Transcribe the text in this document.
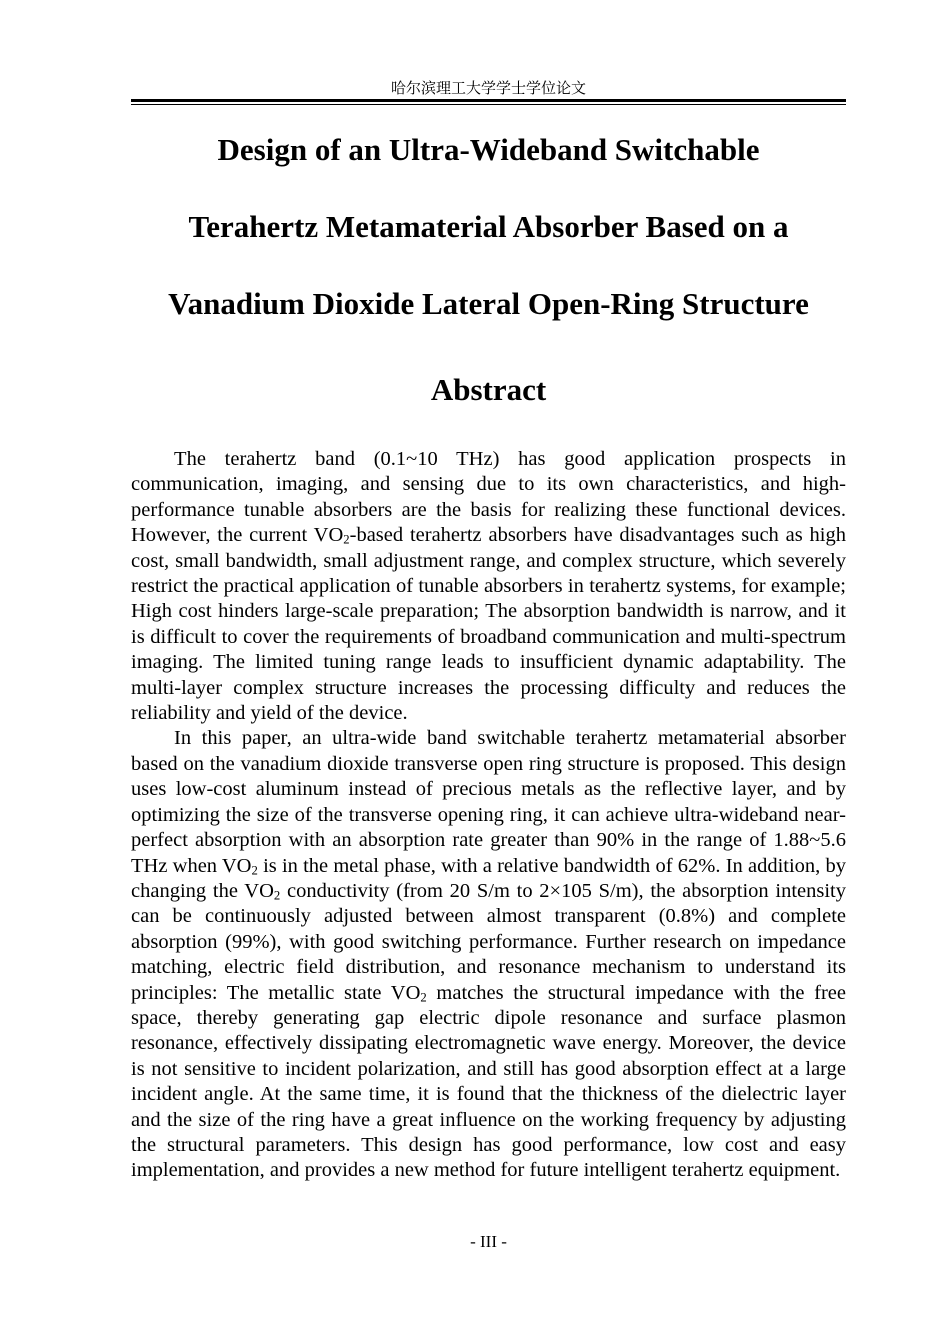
哈尔滨理工大学学士学位论文
Design of an Ultra-Wideband Switchable
Terahertz Metamaterial Absorber Based on a
Vanadium Dioxide Lateral Open-Ring Structure
Abstract

The terahertz band (0.1~10 THz) has good application prospects in communication, imaging, and sensing due to its own characteristics, and high-performance tunable absorbers are the basis for realizing these functional devices. However, the current $VO_2$-based terahertz absorbers have disadvantages such as high cost, small bandwidth, small adjustment range, and complex structure, which severely restrict the practical application of tunable absorbers in terahertz systems, for example; High cost hinders large-scale preparation; The absorption bandwidth is narrow, and it is difficult to cover the requirements of broadband communication and multi-spectrum imaging. The limited tuning range leads to insufficient dynamic adaptability. The multi-layer complex structure increases the processing difficulty and reduces the reliability and yield of the device.

In this paper, an ultra-wide band switchable terahertz metamaterial absorber based on the vanadium dioxide transverse open ring structure is proposed. This design uses low-cost aluminum instead of precious metals as the reflective layer, and by optimizing the size of the transverse opening ring, it can achieve ultra-wideband near-perfect absorption with an absorption rate greater than 90% in the range of 1.88~5.6 THz when $VO_2$ is in the metal phase, with a relative bandwidth of 62%. In addition, by changing the $VO_2$ conductivity (from 20 S/m to 2×105 S/m), the absorption intensity can be continuously adjusted between almost transparent (0.8%) and complete absorption (99%), with good switching performance. Further research on impedance matching, electric field distribution, and resonance mechanism to understand its principles: The metallic state $VO_2$ matches the structural impedance with the free space, thereby generating gap electric dipole resonance and surface plasmon resonance, effectively dissipating electromagnetic wave energy. Moreover, the device is not sensitive to incident polarization, and still has good absorption effect at a large incident angle. At the same time, it is found that the thickness of the dielectric layer and the size of the ring have a great influence on the working frequency by adjusting the structural parameters. This design has good performance, low cost and easy implementation, and provides a new method for future intelligent terahertz equipment.

- III -
